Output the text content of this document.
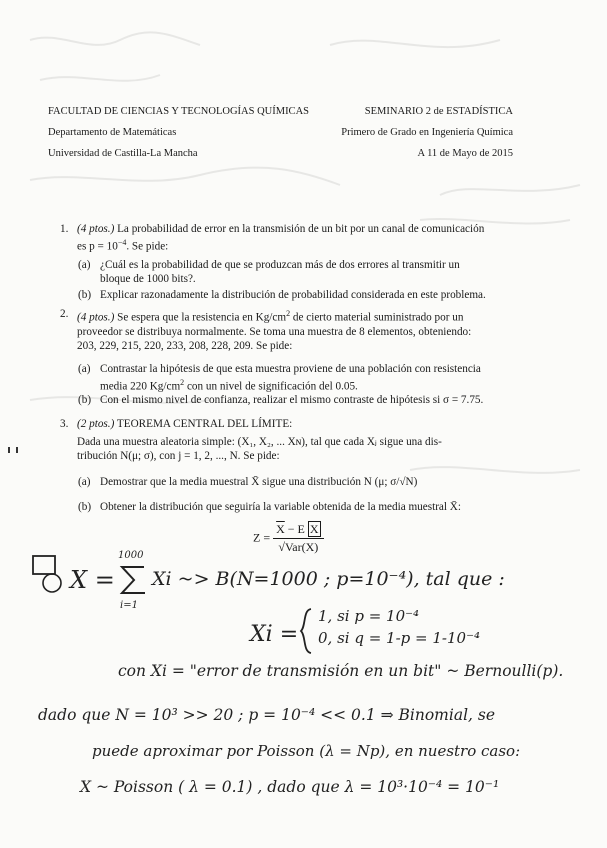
FACULTAD DE CIENCIAS Y TECNOLOGÍAS QUÍMICAS	SEMINARIO 2 de ESTADÍSTICA
Departamento de Matemáticas	Primero de Grado en Ingeniería Química
Universidad de Castilla-La Mancha	A 11 de Mayo de 2015
1. (4 ptos.) La probabilidad de error en la transmisión de un bit por un canal de comunicación
es $p = 10^{-4}$. Se pide:
(a) ¿Cuál es la probabilidad de que se produzcan más de dos errores al transmitir un
bloque de 1000 bits?.
(b) Explicar razonadamente la distribución de probabilidad considerada en este problema.
2. (4 ptos.) Se espera que la resistencia en $Kg/cm^2$ de cierto material suministrado por un
proveedor se distribuya normalmente. Se toma una muestra de 8 elementos, obteniendo:
203, 229, 215, 220, 233, 208, 228, 209. Se pide:
(a) Contrastar la hipótesis de que esta muestra proviene de una población con resistencia
media 220 $Kg/cm^2$ con un nivel de significación del 0.05.
(b) Con el mismo nivel de confianza, realizar el mismo contraste de hipótesis si σ = 7.75.
3. (2 ptos.) TEOREMA CENTRAL DEL LÍMITE:

Dada una muestra aleatoria simple: (X₁, X₂, ... Xɴ), tal que cada Xⱼ sigue una dis-
tribución N(μ; σ), con j = 1, 2, ..., N. Se pide:
(a) Demostrar que la media muestral X̄ sigue una distribución N (μ; σ/√N)
(b) Obtener la distribución que seguiría la variable obtenida de la media muestral X̄:
$Z = \frac{\overline{X} - E \overline{X}}{\text{√Var(X)}}$
X =
1000
i=1
Xi ~> B(N=1000 ; p=10⁻⁴), tal que :
Xi =
1, si p = 10⁻⁴
0, si q = 1-p = 1-10⁻⁴
con Xi = "error de transmisión en un bit" ~ Bernoulli(p).
dado que N = 10³ >> 20 ; p = 10⁻⁴ << 0.1 ⇒ Binomial, se
puede aproximar por Poisson (λ = Np), en nuestro caso:
X ~ Poisson ( λ = 0.1) , dado que λ = 10³·10⁻⁴ = 10⁻¹
